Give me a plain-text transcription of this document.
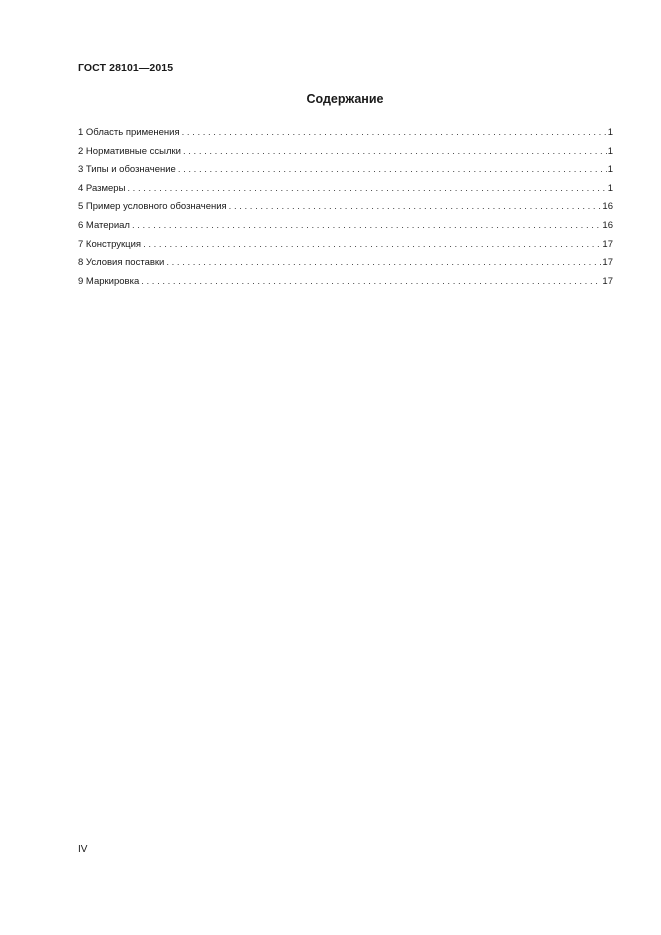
ГОСТ 28101—2015
Содержание
1 Область применения . . .	1
2 Нормативные ссылки . . .	1
3 Типы и обозначение . . .	1
4 Размеры . . .	1
5 Пример условного обозначения . . .	16
6 Материал . . .	16
7 Конструкция . . .	17
8 Условия поставки . . .	17
9 Маркировка . . .	17
IV
